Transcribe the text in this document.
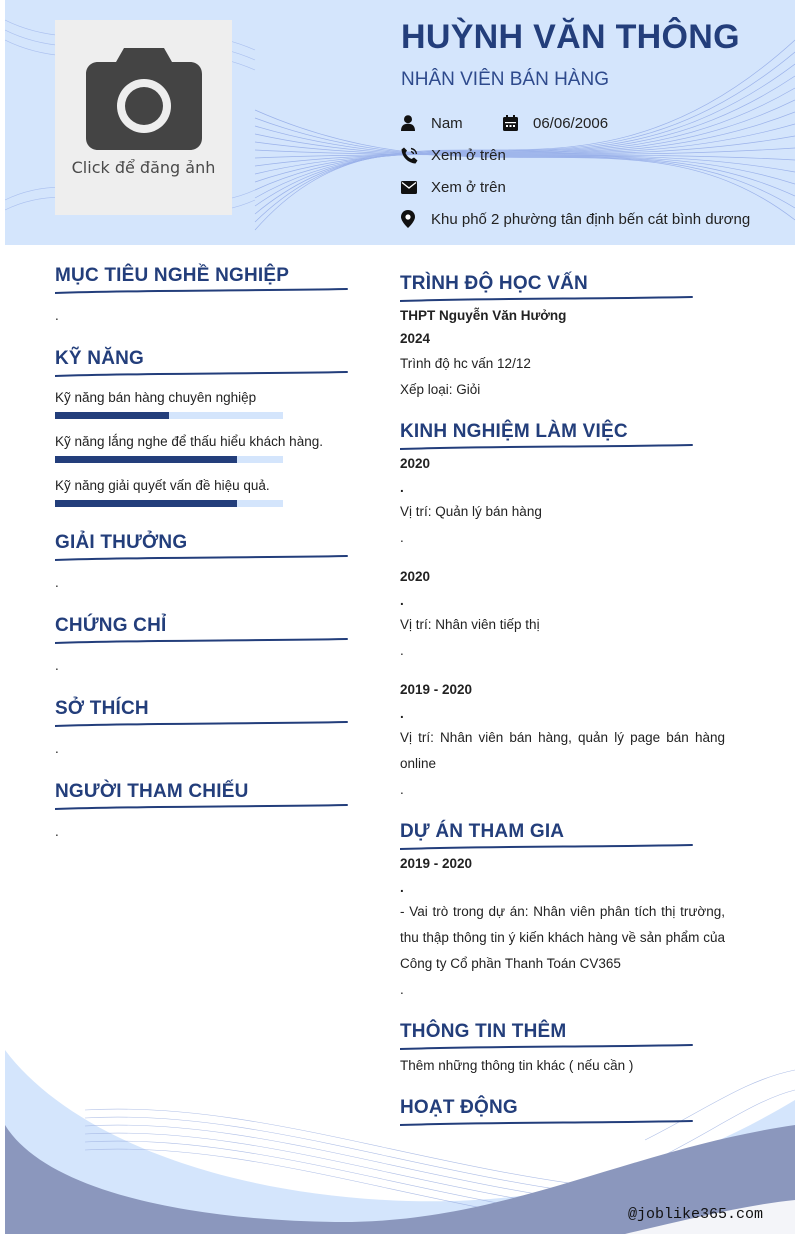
Click để đăng ảnh
HUỲNH VĂN THÔNG
NHÂN VIÊN BÁN HÀNG
Nam	06/06/2006
Xem ở trên
Xem ở trên
Khu phố 2 phường tân định bến cát bình dương
MỤC TIÊU NGHỀ NGHIỆP
.
KỸ NĂNG
Kỹ năng bán hàng chuyên nghiệp
Kỹ năng lắng nghe để thấu hiểu khách hàng.
Kỹ năng giải quyết vấn đề hiệu quả.
GIẢI THƯỞNG
.
CHỨNG CHỈ
.
SỞ THÍCH
.
NGƯỜI THAM CHIẾU
.
TRÌNH ĐỘ HỌC VẤN
THPT Nguyễn Văn Hưởng
2024
Trình độ hc vấn 12/12
Xếp loại: Giỏi
KINH NGHIỆM LÀM VIỆC
2020
.
Vị trí: Quản lý bán hàng
.
2020
.
Vị trí: Nhân viên tiếp thị
.
2019 - 2020
.
Vị trí: Nhân viên bán hàng, quản lý page bán hàng online
.
DỰ ÁN THAM GIA
2019 - 2020
.
- Vai trò trong dự án: Nhân viên phân tích thị trường, thu thập thông tin ý kiến khách hàng về sản phẩm của Công ty Cổ phần Thanh Toán CV365
.
THÔNG TIN THÊM
Thêm những thông tin khác ( nếu cần )
HOẠT ĐỘNG
@joblike365.com
